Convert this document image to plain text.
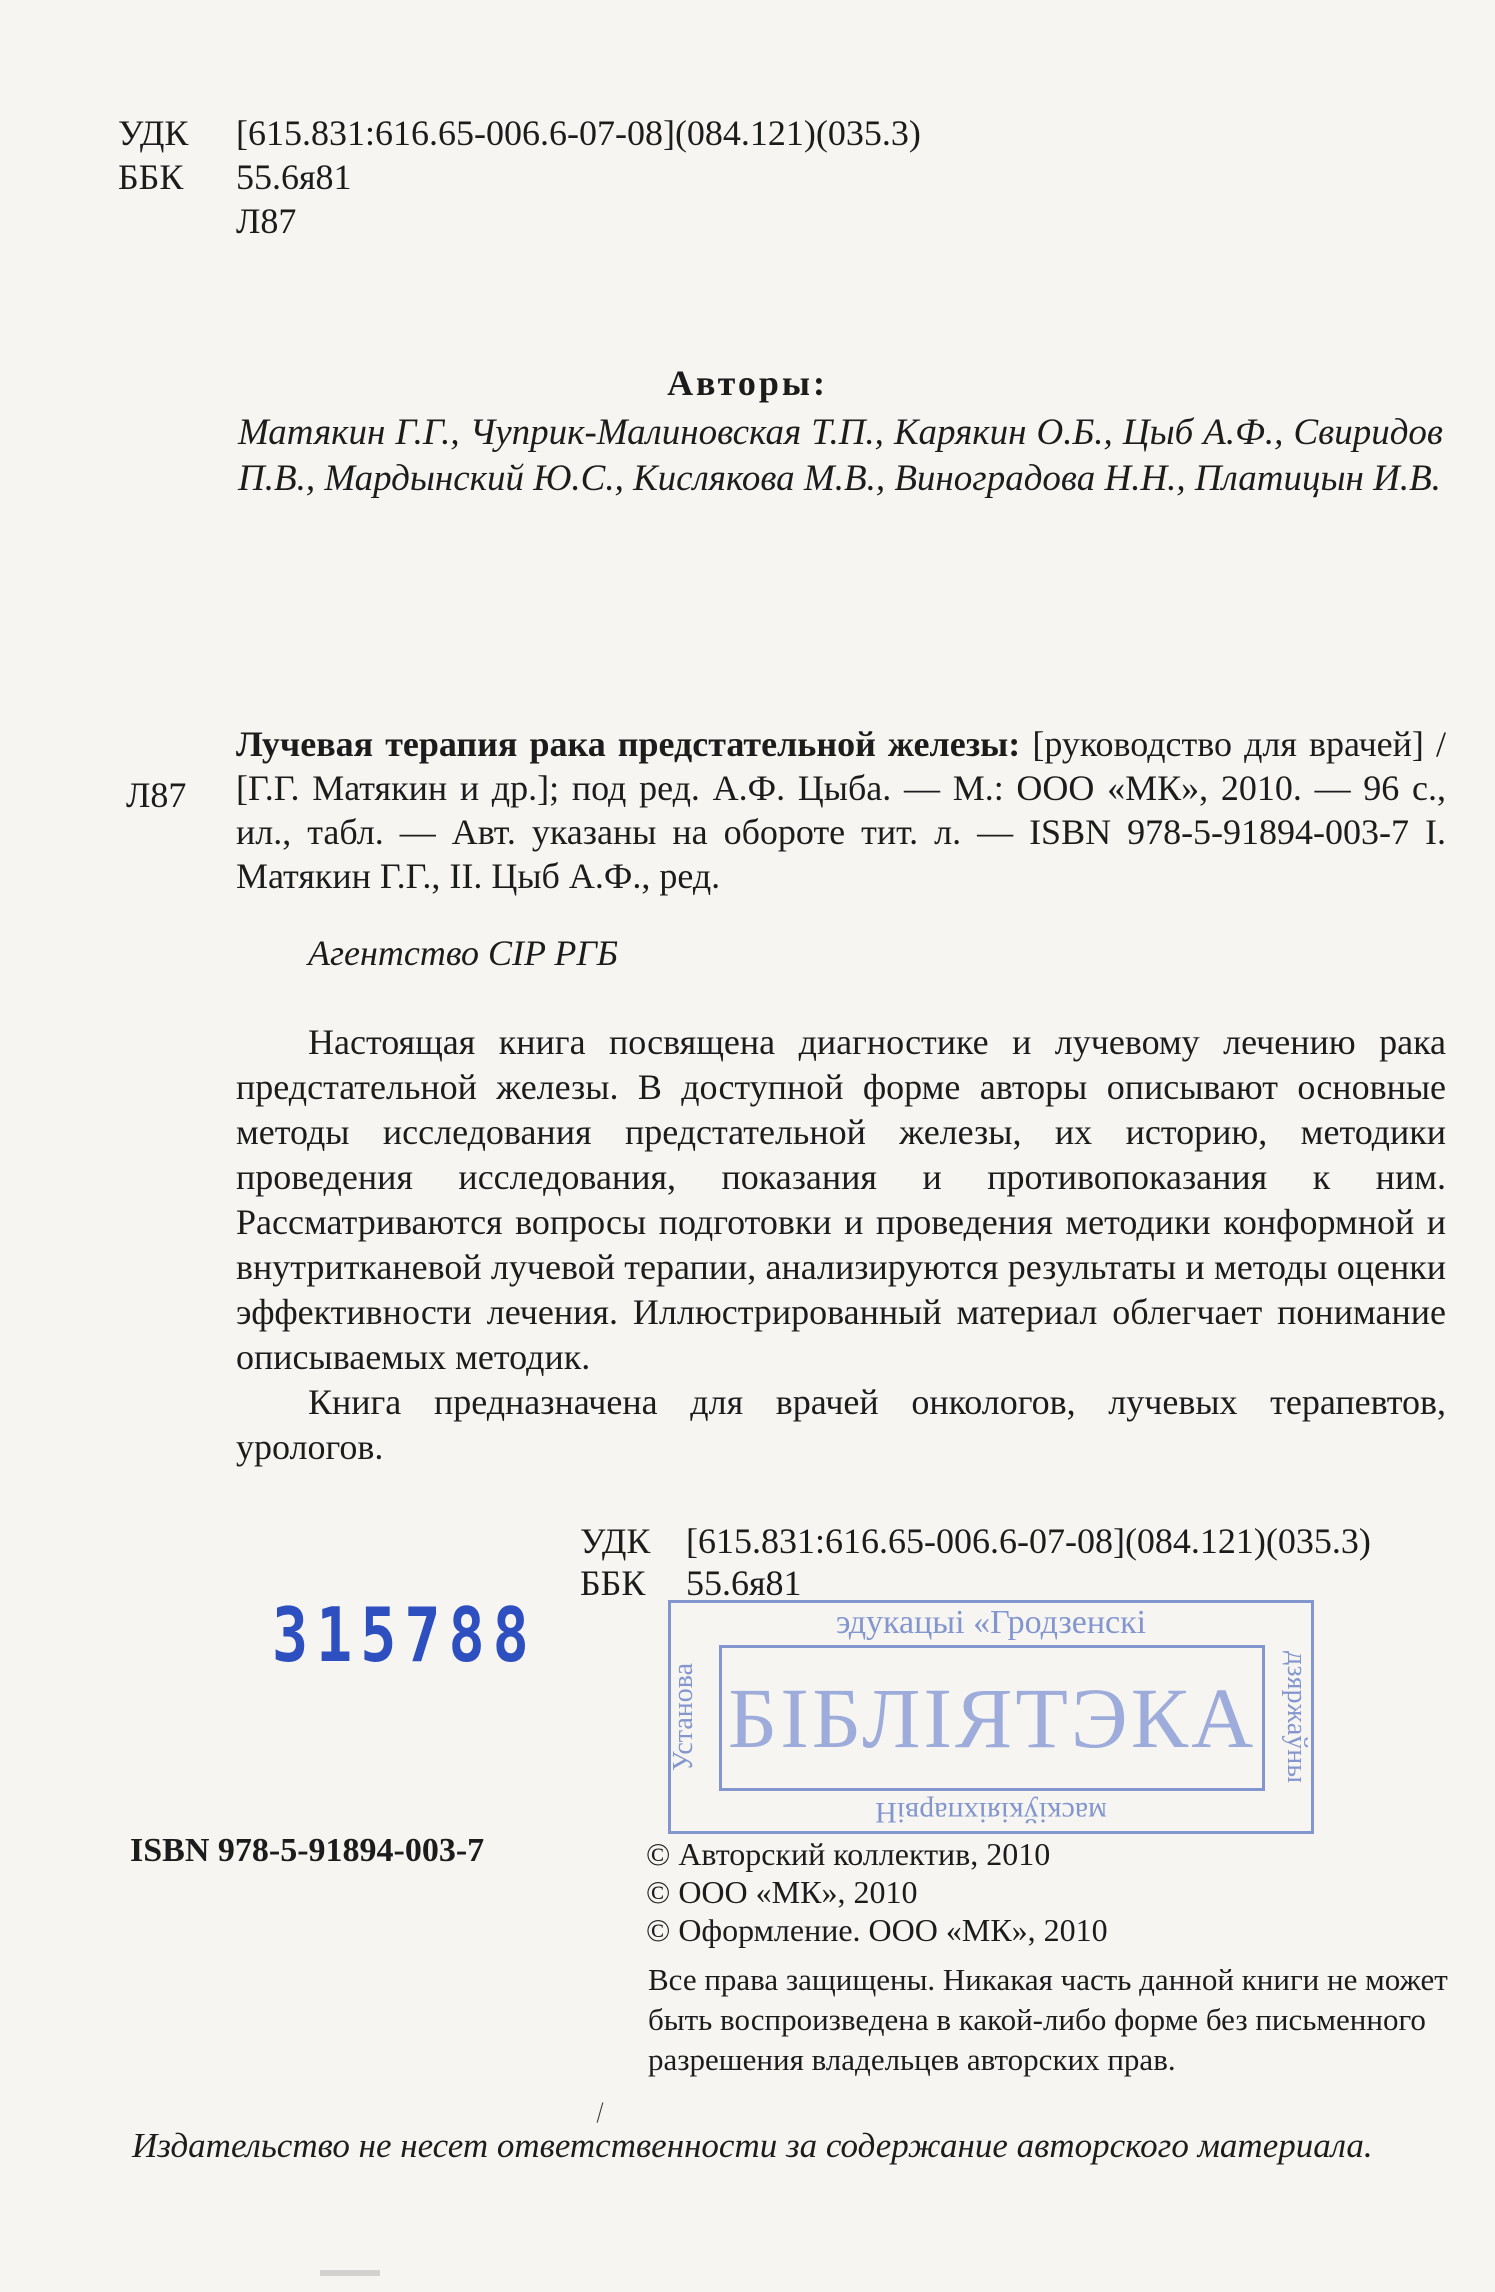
УДК [615.831:616.65-006.6-07-08](084.121)(035.3)
ББК 55.6я81
Л87
Авторы:
Матякин Г.Г., Чуприк-Малиновская Т.П., Карякин О.Б., Цыб А.Ф., Свиридов П.В., Мардынский Ю.С., Кислякова М.В., Виноградова Н.Н., Платицын И.В.
Л87
Лучевая терапия рака предстательной железы: [руководство для врачей] / [Г.Г. Матякин и др.]; под ред. А.Ф. Цыба. — М.: ООО «МК», 2010. — 96 с., ил., табл. — Авт. указаны на обороте тит. л. — ISBN 978-5-91894-003-7 I. Матякин Г.Г., II. Цыб А.Ф., ред.
Агентство CIP РГБ

Настоящая книга посвящена диагностике и лучевому лечению рака предстательной железы. В доступной форме авторы описывают основные методы исследования предстательной железы, их историю, методики проведения исследования, показания и противопоказания к ним. Рассматриваются вопросы подготовки и проведения методики конформной и внутритканевой лучевой терапии, анализируются результаты и методы оценки эффективности лечения. Иллюстрированный материал облегчает понимание описываемых методик.

Книга предназначена для врачей онкологов, лучевых терапевтов, урологов.

УДК [615.831:616.65-006.6-07-08](084.121)(035.3)
ББК 55.6я81
315788	эдукацыі «Гродзенскі
Установа	дзяржаўны
БІБЛІЯТЭКА
маскіўкіяіхпарвіН
ISBN 978-5-91894-003-7	© Авторский коллектив, 2010
© ООО «МК», 2010
© Оформление. ООО «МК», 2010
Все права защищены. Никакая часть данной книги не может быть воспроизведена в какой-либо форме без письменного разрешения владельцев авторских прав.
⁄
Издательство не несет ответственности за содержание авторского материала.
